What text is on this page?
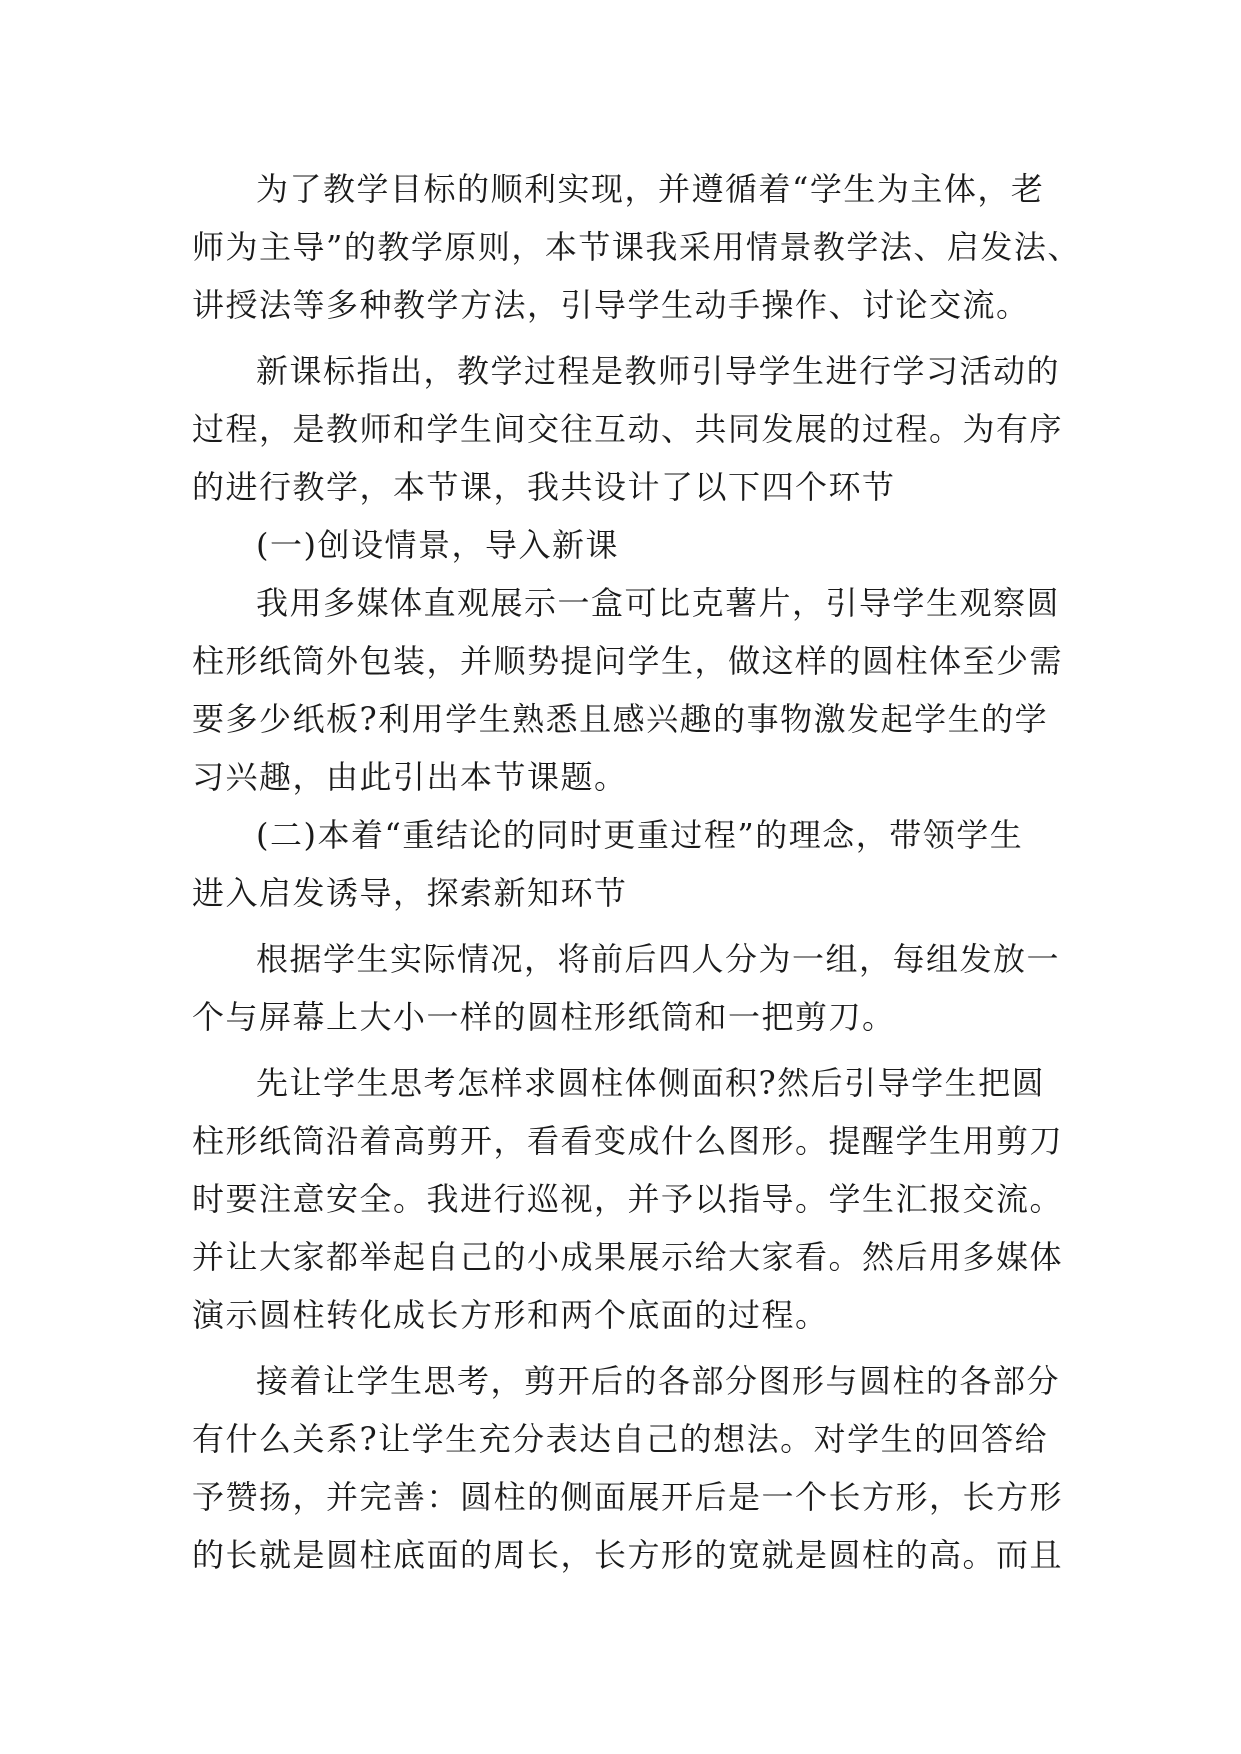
为了教学目标的顺利实现，并遵循着“学生为主体，老
师为主导”的教学原则，本节课我采用情景教学法、启发法、
讲授法等多种教学方法，引导学生动手操作、讨论交流。
新课标指出，教学过程是教师引导学生进行学习活动的
过程，是教师和学生间交往互动、共同发展的过程。为有序
的进行教学，本节课，我共设计了以下四个环节
(一)创设情景，导入新课
我用多媒体直观展示一盒可比克薯片，引导学生观察圆
柱形纸筒外包装，并顺势提问学生，做这样的圆柱体至少需
要多少纸板?利用学生熟悉且感兴趣的事物激发起学生的学
习兴趣，由此引出本节课题。
(二)本着“重结论的同时更重过程”的理念，带领学生
进入启发诱导，探索新知环节
根据学生实际情况，将前后四人分为一组，每组发放一
个与屏幕上大小一样的圆柱形纸筒和一把剪刀。
先让学生思考怎样求圆柱体侧面积?然后引导学生把圆
柱形纸筒沿着高剪开，看看变成什么图形。提醒学生用剪刀
时要注意安全。我进行巡视，并予以指导。学生汇报交流。
并让大家都举起自己的小成果展示给大家看。然后用多媒体
演示圆柱转化成长方形和两个底面的过程。
接着让学生思考，剪开后的各部分图形与圆柱的各部分
有什么关系?让学生充分表达自己的想法。对学生的回答给
予赞扬，并完善：圆柱的侧面展开后是一个长方形，长方形
的长就是圆柱底面的周长，长方形的宽就是圆柱的高。而且
